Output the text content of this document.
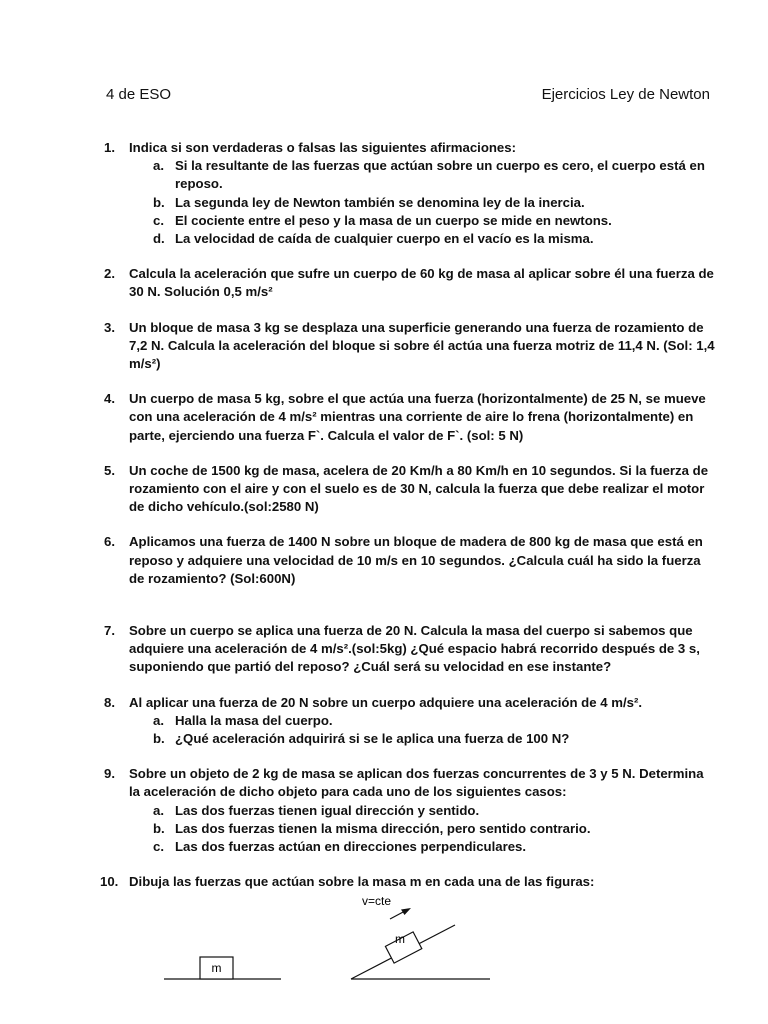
4 de ESO	Ejercicios Ley de Newton
1. Indica si son verdaderas o falsas las siguientes afirmaciones:
a. Si la resultante de las fuerzas que actúan sobre un cuerpo es cero, el cuerpo está en reposo.
b. La segunda ley de Newton también se denomina ley de la inercia.
c. El cociente entre el peso y la masa de un cuerpo se mide en newtons.
d. La velocidad de caída de cualquier cuerpo en el vacío es la misma.
2. Calcula la aceleración que sufre un cuerpo de 60 kg de masa al aplicar sobre él una fuerza de 30 N. Solución 0,5 m/s²
3. Un bloque de masa 3 kg se desplaza una superficie generando una fuerza de rozamiento de 7,2 N. Calcula la aceleración del bloque si sobre él actúa una fuerza motriz de 11,4 N. (Sol: 1,4 m/s²)
4. Un cuerpo de masa 5 kg, sobre el que actúa una fuerza (horizontalmente) de 25 N, se mueve con una aceleración de 4 m/s² mientras una corriente de aire lo frena (horizontalmente) en parte, ejerciendo una fuerza F`. Calcula el valor de F`. (sol: 5 N)
5. Un coche de 1500 kg de masa, acelera de 20 Km/h a 80 Km/h en 10 segundos. Si la fuerza de rozamiento con el aire y con el suelo es de 30 N, calcula la fuerza que debe realizar el motor de dicho vehículo.(sol:2580 N)
6. Aplicamos una fuerza de 1400 N sobre un bloque de madera de 800 kg de masa que está en reposo y adquiere una velocidad de 10 m/s en 10 segundos. ¿Calcula cuál ha sido la fuerza de rozamiento? (Sol:600N)
7. Sobre un cuerpo se aplica una fuerza de 20 N. Calcula la masa del cuerpo si sabemos que adquiere una aceleración de 4 m/s².(sol:5kg) ¿Qué espacio habrá recorrido después de 3 s, suponiendo que partió del reposo? ¿Cuál será su velocidad en ese instante?
8. Al aplicar una fuerza de 20 N sobre un cuerpo adquiere una aceleración de 4 m/s².
a. Halla la masa del cuerpo.
b. ¿Qué aceleración adquirirá si se le aplica una fuerza de 100 N?
9. Sobre un objeto de 2 kg de masa se aplican dos fuerzas concurrentes de 3 y 5 N. Determina la aceleración de dicho objeto para cada uno de los siguientes casos:
a. Las dos fuerzas tienen igual dirección y sentido.
b. Las dos fuerzas tienen la misma dirección, pero sentido contrario.
c. Las dos fuerzas actúan en direcciones perpendiculares.
10. Dibuja las fuerzas que actúan sobre la masa m en cada una de las figuras:
m
m
v=cte
